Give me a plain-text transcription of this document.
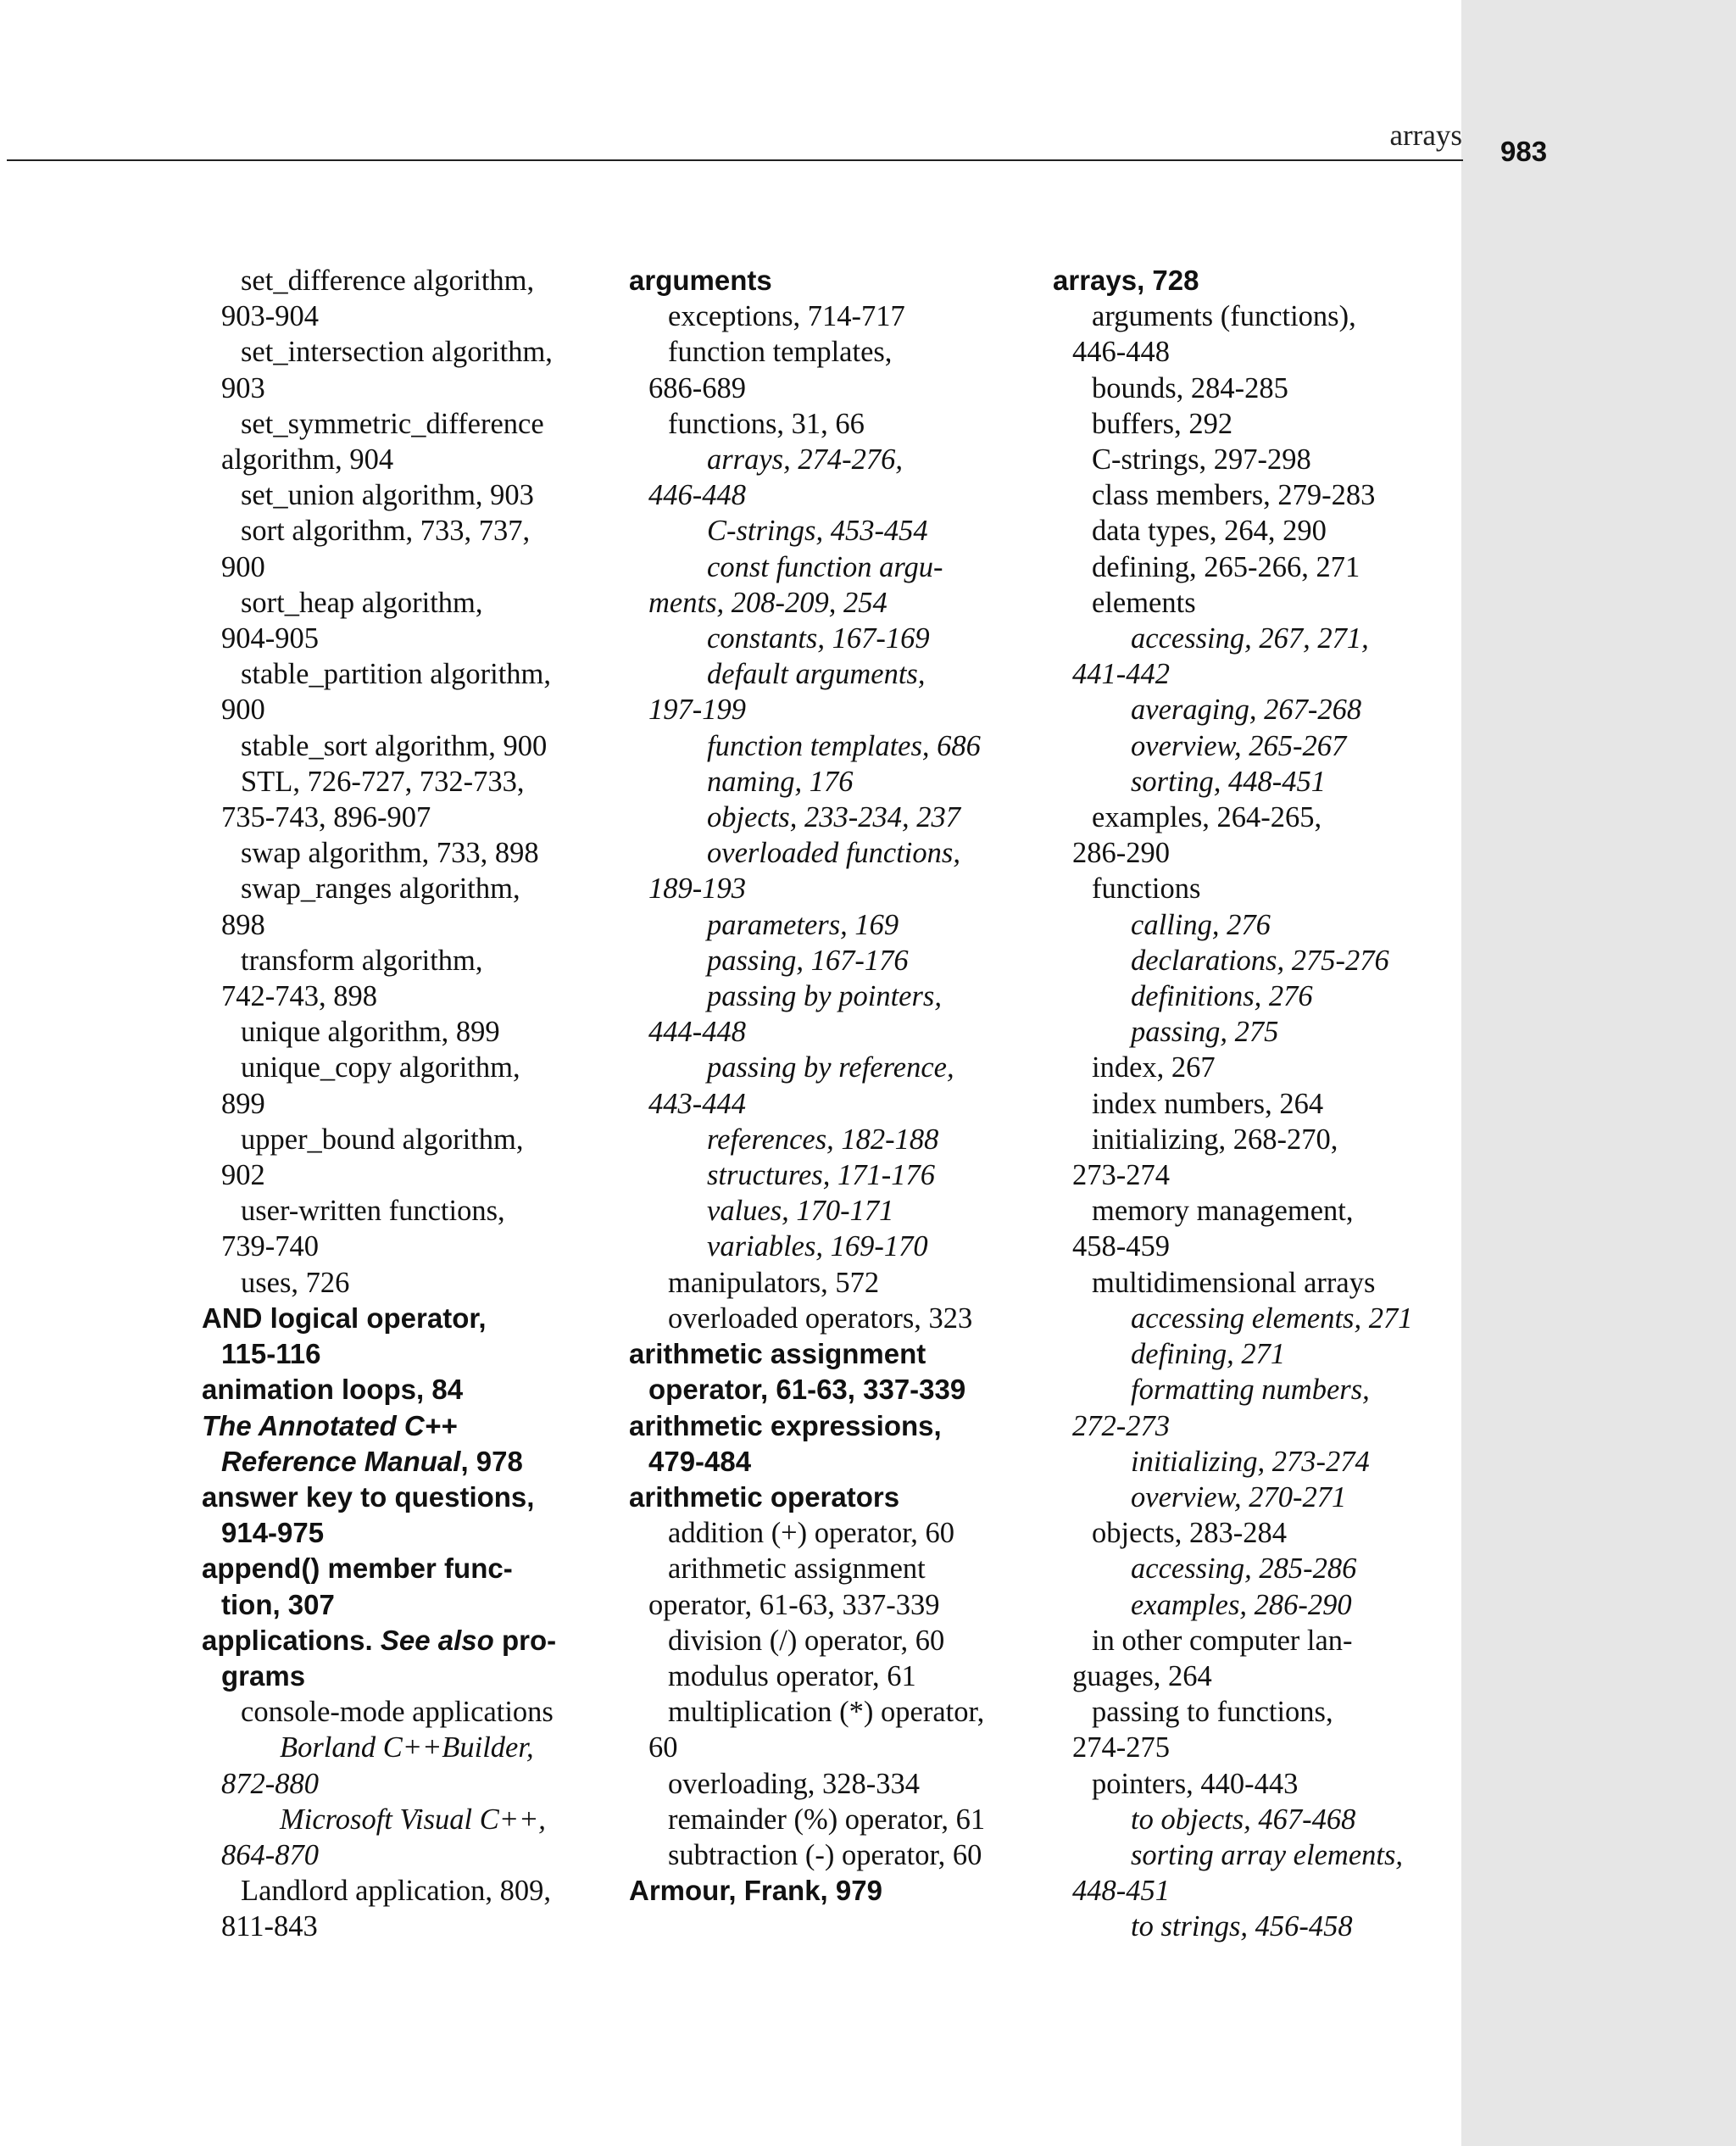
arrays 983
set_difference algorithm,
903-904
set_intersection algorithm,
903
set_symmetric_difference
algorithm, 904
set_union algorithm, 903
sort algorithm, 733, 737,
900
sort_heap algorithm,
904-905
stable_partition algorithm,
900
stable_sort algorithm, 900
STL, 726-727, 732-733,
735-743, 896-907
swap algorithm, 733, 898
swap_ranges algorithm,
898
transform algorithm,
742-743, 898
unique algorithm, 899
unique_copy algorithm,
899
upper_bound algorithm,
902
user-written functions,
739-740
uses, 726
AND logical operator,
115-116
animation loops, 84
The Annotated C++
Reference Manual, 978
answer key to questions,
914-975
append() member func-
tion, 307
applications. See also pro-
grams
console-mode applications
Borland C++Builder,
872-880
Microsoft Visual C++,
864-870
Landlord application, 809,
811-843
arguments
exceptions, 714-717
function templates,
686-689
functions, 31, 66
arrays, 274-276,
446-448
C-strings, 453-454
const function argu-
ments, 208-209, 254
constants, 167-169
default arguments,
197-199
function templates, 686
naming, 176
objects, 233-234, 237
overloaded functions,
189-193
parameters, 169
passing, 167-176
passing by pointers,
444-448
passing by reference,
443-444
references, 182-188
structures, 171-176
values, 170-171
variables, 169-170
manipulators, 572
overloaded operators, 323
arithmetic assignment
operator, 61-63, 337-339
arithmetic expressions,
479-484
arithmetic operators
addition (+) operator, 60
arithmetic assignment
operator, 61-63, 337-339
division (/) operator, 60
modulus operator, 61
multiplication (*) operator,
60
overloading, 328-334
remainder (%) operator, 61
subtraction (-) operator, 60
Armour, Frank, 979
arrays, 728
arguments (functions),
446-448
bounds, 284-285
buffers, 292
C-strings, 297-298
class members, 279-283
data types, 264, 290
defining, 265-266, 271
elements
accessing, 267, 271,
441-442
averaging, 267-268
overview, 265-267
sorting, 448-451
examples, 264-265,
286-290
functions
calling, 276
declarations, 275-276
definitions, 276
passing, 275
index, 267
index numbers, 264
initializing, 268-270,
273-274
memory management,
458-459
multidimensional arrays
accessing elements, 271
defining, 271
formatting numbers,
272-273
initializing, 273-274
overview, 270-271
objects, 283-284
accessing, 285-286
examples, 286-290
in other computer lan-
guages, 264
passing to functions,
274-275
pointers, 440-443
to objects, 467-468
sorting array elements,
448-451
to strings, 456-458
